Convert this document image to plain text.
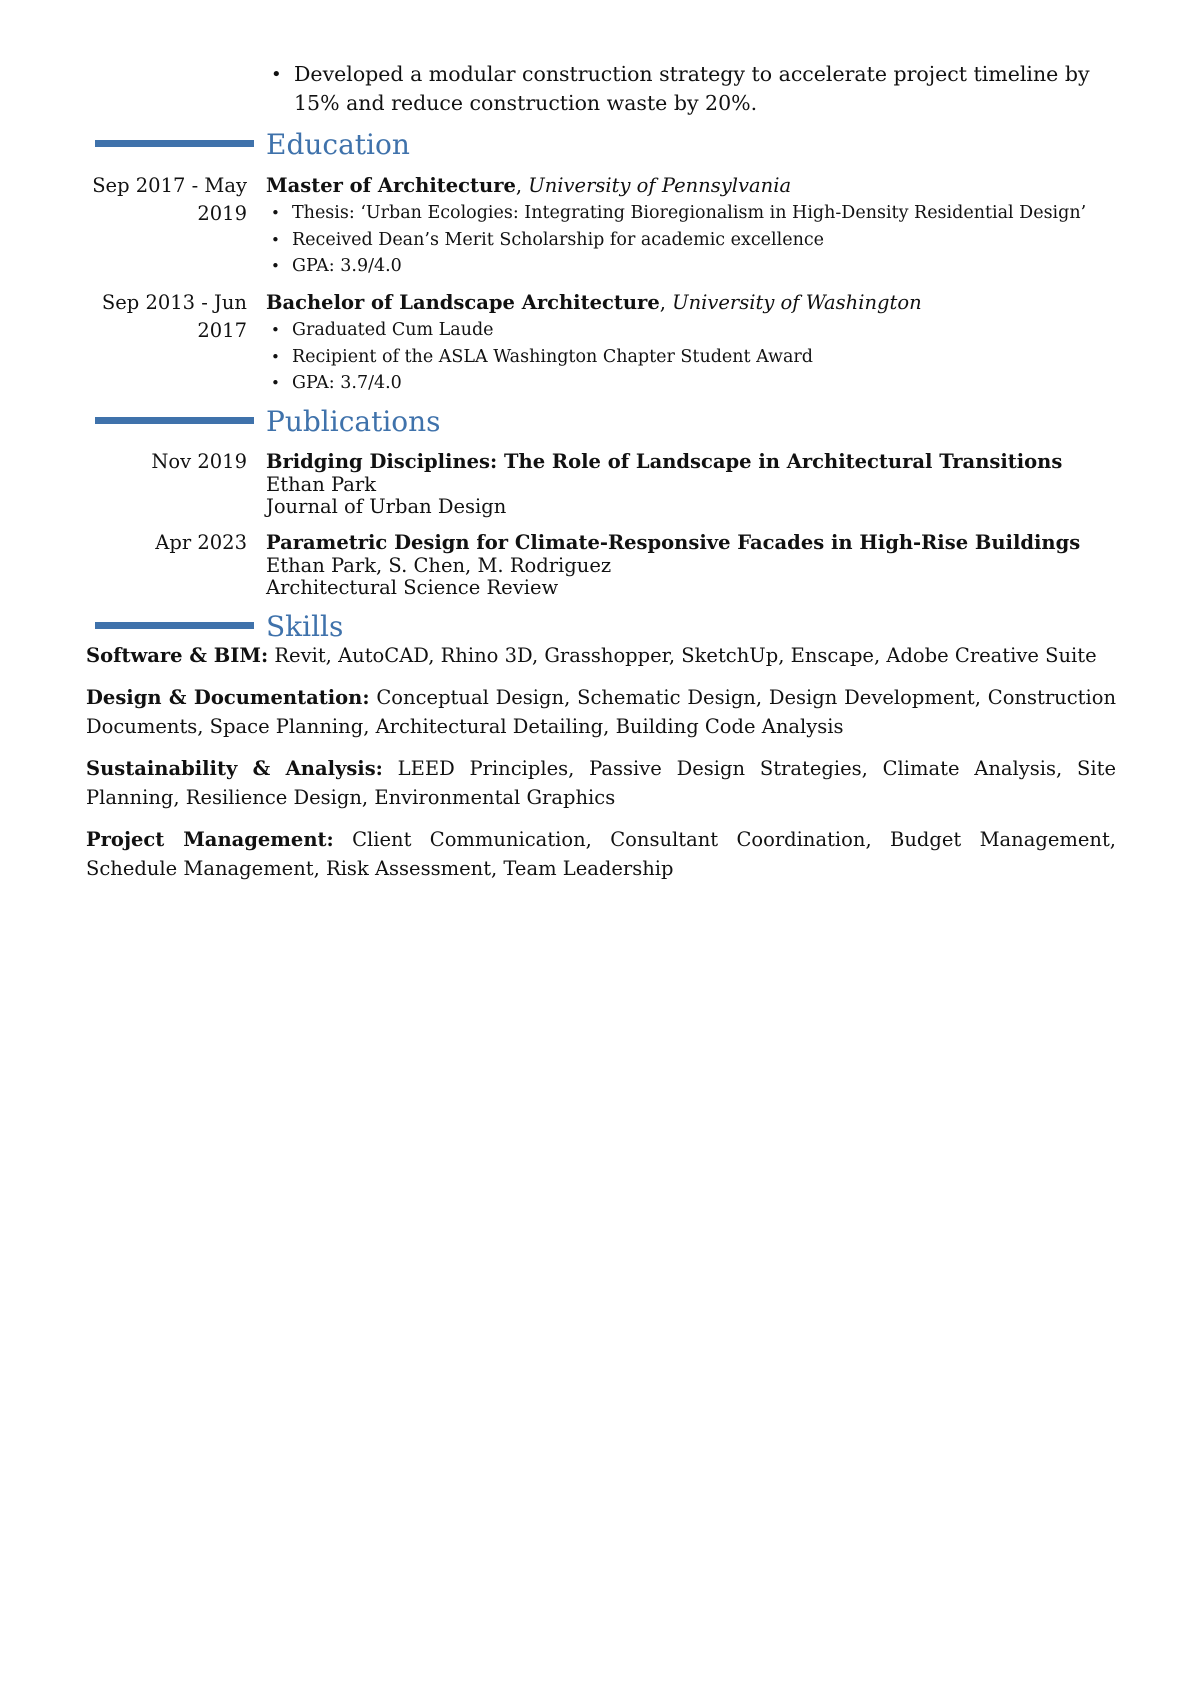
• Developed a modular construction strategy to accelerate project timeline by 15% and reduce construction waste by 20%.
Education
Sep 2017 - May
2019
Master of Architecture, University of Pennsylvania
• Thesis: ‘Urban Ecologies: Integrating Bioregionalism in High-Density Residential Design’
• Received Dean’s Merit Scholarship for academic excellence
• GPA: 3.9/4.0
Sep 2013 - Jun
2017
Bachelor of Landscape Architecture, University of Washington
• Graduated Cum Laude
• Recipient of the ASLA Washington Chapter Student Award
• GPA: 3.7/4.0
Publications
Nov 2019 Bridging Disciplines: The Role of Landscape in Architectural Transitions
Ethan Park
Journal of Urban Design
Apr 2023 Parametric Design for Climate-Responsive Facades in High-Rise Buildings
Ethan Park, S. Chen, M. Rodriguez
Architectural Science Review
Skills

Software & BIM: Revit, AutoCAD, Rhino 3D, Grasshopper, SketchUp, Enscape, Adobe Creative Suite

Design & Documentation: Conceptual Design, Schematic Design, Design Development, Construction Documents, Space Planning, Architectural Detailing, Building Code Analysis

Sustainability & Analysis: LEED Principles, Passive Design Strategies, Climate Analysis, Site Planning, Resilience Design, Environmental Graphics

Project Management: Client Communication, Consultant Coordination, Budget Management, Schedule Management, Risk Assessment, Team Leadership
